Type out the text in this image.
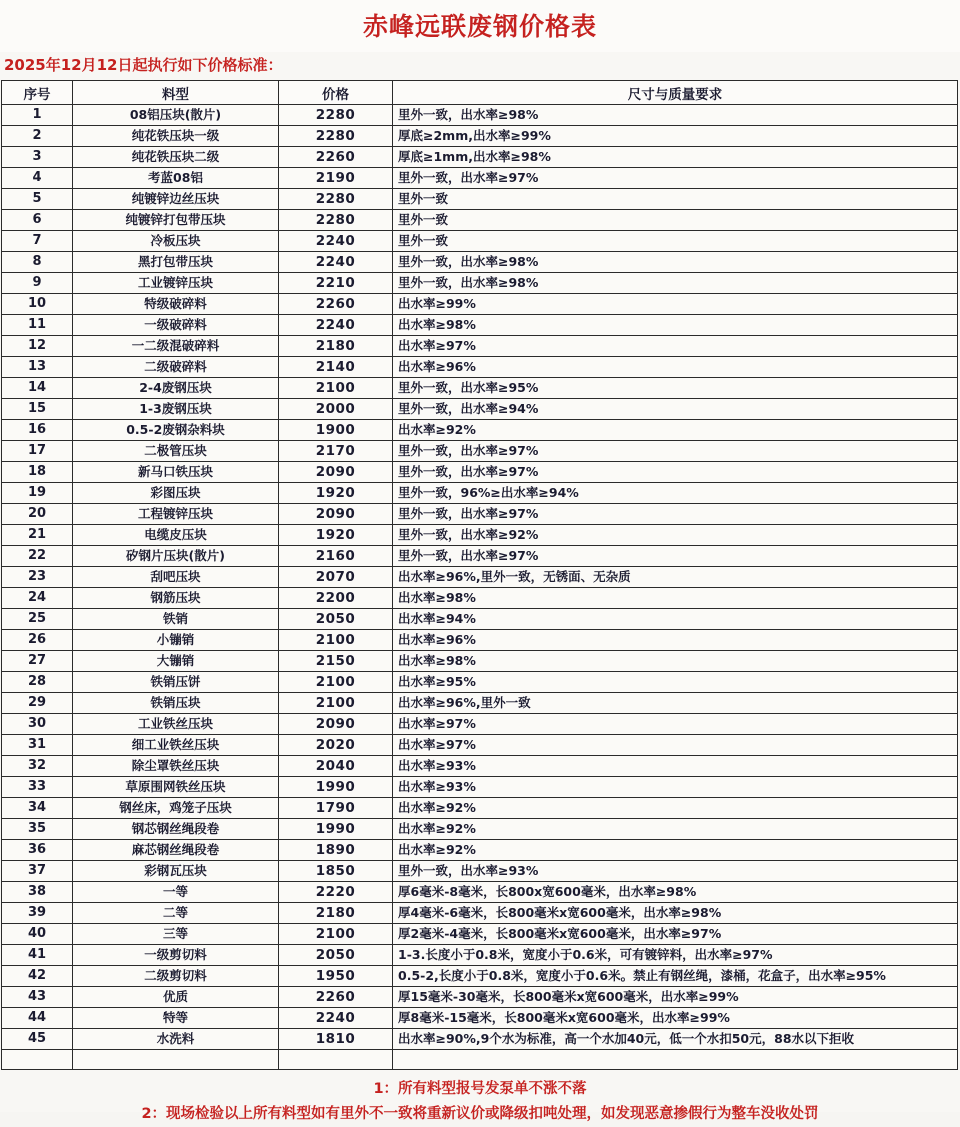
赤峰远联废钢价格表
2025年12月12日起执行如下价格标准：
序号	料型	价格	尺寸与质量要求
1	08铝压块(散片)	2280	里外一致，出水率≥98%
2	纯花铁压块一级	2280	厚底≥2mm,出水率≥99%
3	纯花铁压块二级	2260	厚底≥1mm,出水率≥98%
4	考蓝08铝	2190	里外一致，出水率≥97%
5	纯镀锌边丝压块	2280	里外一致
6	纯镀锌打包带压块	2280	里外一致
7	冷板压块	2240	里外一致
8	黑打包带压块	2240	里外一致，出水率≥98%
9	工业镀锌压块	2210	里外一致，出水率≥98%
10	特级破碎料	2260	出水率≥99%
11	一级破碎料	2240	出水率≥98%
12	一二级混破碎料	2180	出水率≥97%
13	二级破碎料	2140	出水率≥96%
14	2-4废钢压块	2100	里外一致，出水率≥95%
15	1-3废钢压块	2000	里外一致，出水率≥94%
16	0.5-2废钢杂料块	1900	出水率≥92%
17	二极管压块	2170	里外一致，出水率≥97%
18	新马口铁压块	2090	里外一致，出水率≥97%
19	彩图压块	1920	里外一致，96%≥出水率≥94%
20	工程镀锌压块	2090	里外一致，出水率≥97%
21	电缆皮压块	1920	里外一致，出水率≥92%
22	矽钢片压块(散片)	2160	里外一致，出水率≥97%
23	刮吧压块	2070	出水率≥96%,里外一致，无锈面、无杂质
24	钢筋压块	2200	出水率≥98%
25	铁销	2050	出水率≥94%
26	小镚销	2100	出水率≥96%
27	大镚销	2150	出水率≥98%
28	铁销压饼	2100	出水率≥95%
29	铁销压块	2100	出水率≥96%,里外一致
30	工业铁丝压块	2090	出水率≥97%
31	细工业铁丝压块	2020	出水率≥97%
32	除尘罩铁丝压块	2040	出水率≥93%
33	草原围网铁丝压块	1990	出水率≥93%
34	钢丝床，鸡笼子压块	1790	出水率≥92%
35	钢芯钢丝绳段卷	1990	出水率≥92%
36	麻芯钢丝绳段卷	1890	出水率≥92%
37	彩钢瓦压块	1850	里外一致，出水率≥93%
38	一等	2220	厚6毫米-8毫米，长800x宽600毫米，出水率≥98%
39	二等	2180	厚4毫米-6毫米，长800毫米x宽600毫米，出水率≥98%
40	三等	2100	厚2毫米-4毫米，长800毫米x宽600毫米，出水率≥97%
41	一级剪切料	2050	1-3.长度小于0.8米，宽度小于0.6米，可有镀锌料，出水率≥97%
42	二级剪切料	1950	0.5-2,长度小于0.8米，宽度小于0.6米。禁止有钢丝绳，漆桶，花盒子，出水率≥95%
43	优质	2260	厚15毫米-30毫米，长800毫米x宽600毫米，出水率≥99%
44	特等	2240	厚8毫米-15毫米，长800毫米x宽600毫米，出水率≥99%
45	水洗料	1810	出水率≥90%,9个水为标准，高一个水加40元，低一个水扣50元，88水以下拒收

1：所有料型报号发泵单不涨不落
2：现场检验以上所有料型如有里外不一致将重新议价或降级扣吨处理，如发现恶意掺假行为整车没收处罚
